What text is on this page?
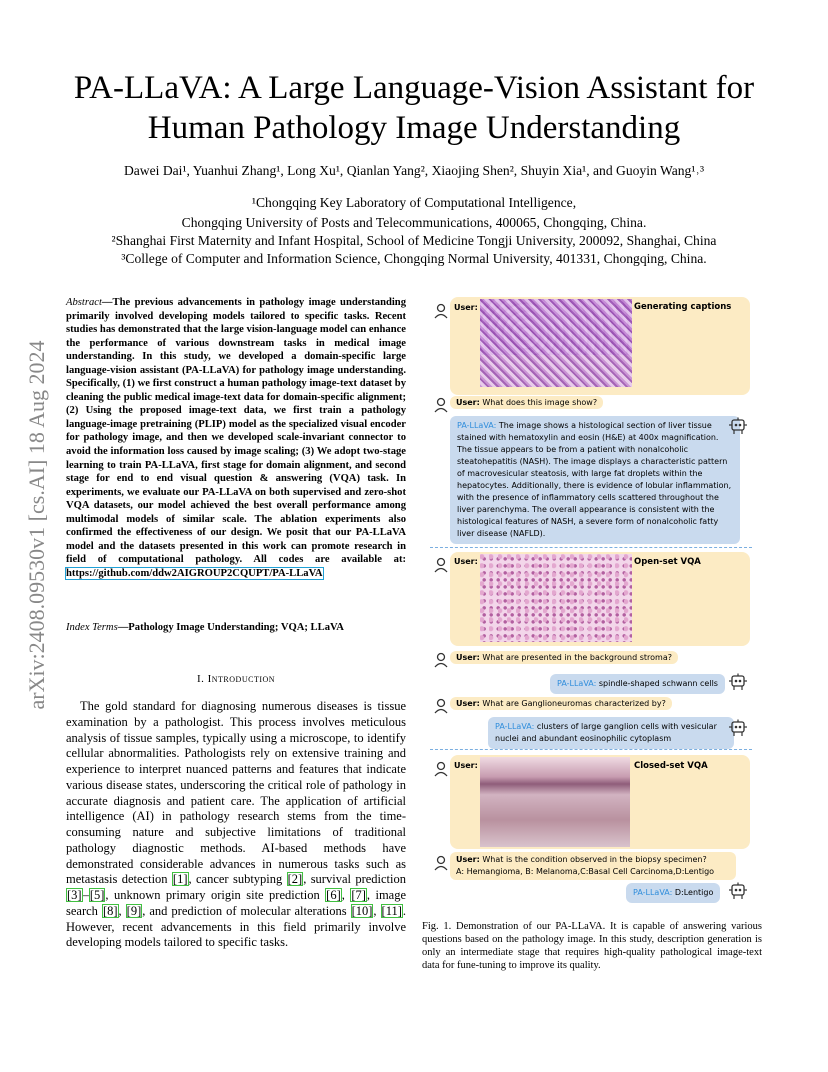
arXiv:2408.09530v1 [cs.AI] 18 Aug 2024
PA-LLaVA: A Large Language-Vision Assistant for Human Pathology Image Understanding
Dawei Dai¹, Yuanhui Zhang¹, Long Xu¹, Qianlan Yang², Xiaojing Shen², Shuyin Xia¹, and Guoyin Wang¹˒³
¹Chongqing Key Laboratory of Computational Intelligence,
Chongqing University of Posts and Telecommunications, 400065, Chongqing, China.
²Shanghai First Maternity and Infant Hospital, School of Medicine Tongji University, 200092, Shanghai, China
³College of Computer and Information Science, Chongqing Normal University, 401331, Chongqing, China.
Abstract—The previous advancements in pathology image understanding primarily involved developing models tailored to specific tasks. Recent studies has demonstrated that the large vision-language model can enhance the performance of various downstream tasks in medical image understanding. In this study, we developed a domain-specific large language-vision assistant (PA-LLaVA) for pathology image understanding. Specifically, (1) we first construct a human pathology image-text dataset by cleaning the public medical image-text data for domain-specific alignment; (2) Using the proposed image-text data, we first train a pathology language-image pretraining (PLIP) model as the specialized visual encoder for pathology image, and then we developed scale-invariant connector to avoid the information loss caused by image scaling; (3) We adopt two-stage learning to train PA-LLaVA, first stage for domain alignment, and second stage for end to end visual question & answering (VQA) task. In experiments, we evaluate our PA-LLaVA on both supervised and zero-shot VQA datasets, our model achieved the best overall performance among multimodal models of similar scale. The ablation experiments also confirmed the effectiveness of our design. We posit that our PA-LLaVA model and the datasets presented in this work can promote research in field of computational pathology. All codes are available at: https://github.com/ddw2AIGROUP2CQUPT/PA-LLaVA
Index Terms—Pathology Image Understanding; VQA; LLaVA
I. Introduction
The gold standard for diagnosing numerous diseases is tissue examination by a pathologist. This process involves meticulous analysis of tissue samples, typically using a microscope, to identify cellular abnormalities. Pathologists rely on extensive training and experience to interpret nuanced patterns and features that indicate various disease states, underscoring the critical role of pathology in accurate diagnosis and patient care. The application of artificial intelligence (AI) in pathology research stems from the time-consuming nature and subjective limitations of traditional pathology diagnostic methods. AI-based methods have demonstrated considerable advances in numerous tasks such as metastasis detection [1], cancer subtyping [2], survival prediction [3]–[5], unknown primary origin site prediction [6], [7], image search [8], [9], and prediction of molecular alterations [10], [11]. However, recent advancements in this field primarily involve developing models tailored to specific tasks.
User:	Generating captions
User: What does this image show?
PA-LLaVA: The image shows a histological section of liver tissue stained with hematoxylin and eosin (H&E) at 400x magnification. The tissue appears to be from a patient with nonalcoholic steatohepatitis (NASH). The image displays a characteristic pattern of macrovesicular steatosis, with large fat droplets within the hepatocytes. Additionally, there is evidence of lobular inflammation, with the presence of inflammatory cells scattered throughout the liver parenchyma. The overall appearance is consistent with the histological features of NASH, a severe form of nonalcoholic fatty liver disease (NAFLD).
User:	Open-set VQA
User: What are presented in the background stroma?
PA-LLaVA: spindle-shaped schwann cells
User: What are Ganglioneuromas characterized by?
PA-LLaVA: clusters of large ganglion cells with vesicular nuclei and abundant eosinophilic cytoplasm
User:	Closed-set VQA
User: What is the condition observed in the biopsy specimen?
A: Hemangioma, B: Melanoma,C:Basal Cell Carcinoma,D:Lentigo
PA-LLaVA: D:Lentigo
Fig. 1. Demonstration of our PA-LLaVA. It is capable of answering various questions based on the pathology image. In this study, description generation is only an intermediate stage that requires high-quality pathological image-text data for fune-tuning to improve its quality.
